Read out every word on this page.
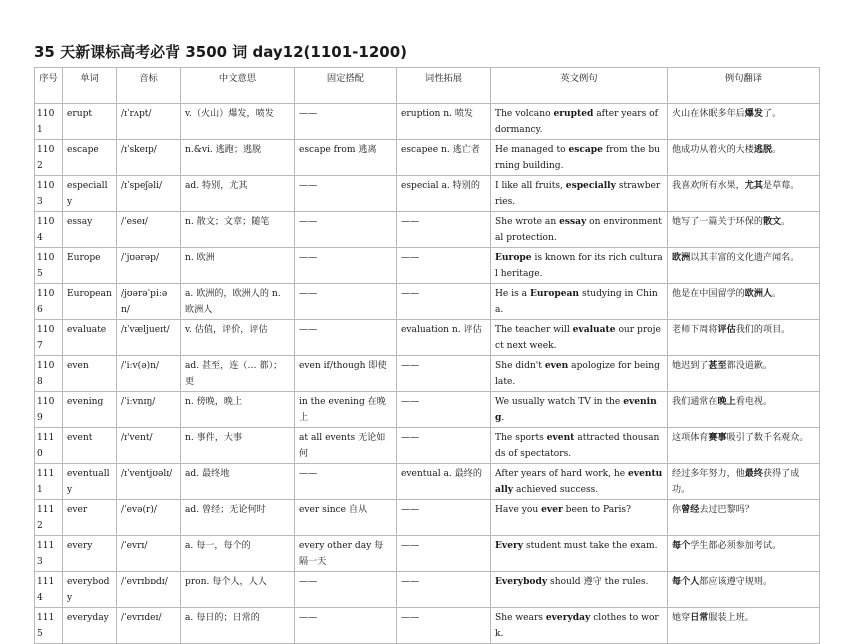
35 天新课标高考必背 3500 词 day12(1101-1200)
序号	单词	音标	中文意思	固定搭配	词性拓展	英文例句	例句翻译
1101	erupt	/ɪˈrʌpt/	v.（火山）爆发，喷发	——	eruption n. 喷发	The volcano erupted after years of dormancy.	火山在休眠多年后爆发了。
1102	escape	/ɪˈskeɪp/	n.&vi. 逃跑；逃脱	escape from 逃离	escapee n. 逃亡者	He managed to escape from the burning building.	他成功从着火的大楼逃脱。
1103	especially	/ɪˈspeʃəli/	ad. 特别，尤其	——	especial a. 特别的	I like all fruits, especially strawberries.	我喜欢所有水果，尤其是草莓。
1104	essay	/ˈeseɪ/	n. 散文；文章；随笔	——	——	She wrote an essay on environmental protection.	她写了一篇关于环保的散文。
1105	Europe	/ˈjʊərəp/	n. 欧洲	——	——	Europe is known for its rich cultural heritage.	欧洲以其丰富的文化遗产闻名。
1106	European	/jʊərəˈpiːən/	a. 欧洲的，欧洲人的 n. 欧洲人	——	——	He is a European studying in China.	他是在中国留学的欧洲人。
1107	evaluate	/ɪˈvæljueɪt/	v. 估值，评价，评估	——	evaluation n. 评估	The teacher will evaluate our project next week.	老师下周将评估我们的项目。
1108	even	/ˈiːv(ə)n/	ad. 甚至，连（… 都）；更	even if/though 即使	——	She didn't even apologize for being late.	她迟到了甚至都没道歉。
1109	evening	/ˈiːvnɪŋ/	n. 傍晚，晚上	in the evening 在晚上	——	We usually watch TV in the evening.	我们通常在晚上看电视。
1110	event	/ɪ'vent/	n. 事件，大事	at all events 无论如何	——	The sports event attracted thousands of spectators.	这项体育赛事吸引了数千名观众。
1111	eventually	/ɪˈventjʊəlɪ/	ad. 最终地	——	eventual a. 最终的	After years of hard work, he eventually achieved success.	经过多年努力，他最终获得了成功。
1112	ever	/ˈevə(r)/	ad. 曾经；无论何时	ever since 自从	——	Have you ever been to Paris?	你曾经去过巴黎吗？
1113	every	/ˈevrɪ/	a. 每一，每个的	every other day 每隔一天	——	Every student must take the exam.	每个学生都必须参加考试。
1114	everybody	/ˈevrɪbɒdɪ/	pron. 每个人，人人	——	——	Everybody should 遵守 the rules.	每个人都应该遵守规则。
1115	everyday	/ˈevrɪdeɪ/	a. 每日的；日常的	——	——	She wears everyday clothes to work.	她穿日常服装上班。
